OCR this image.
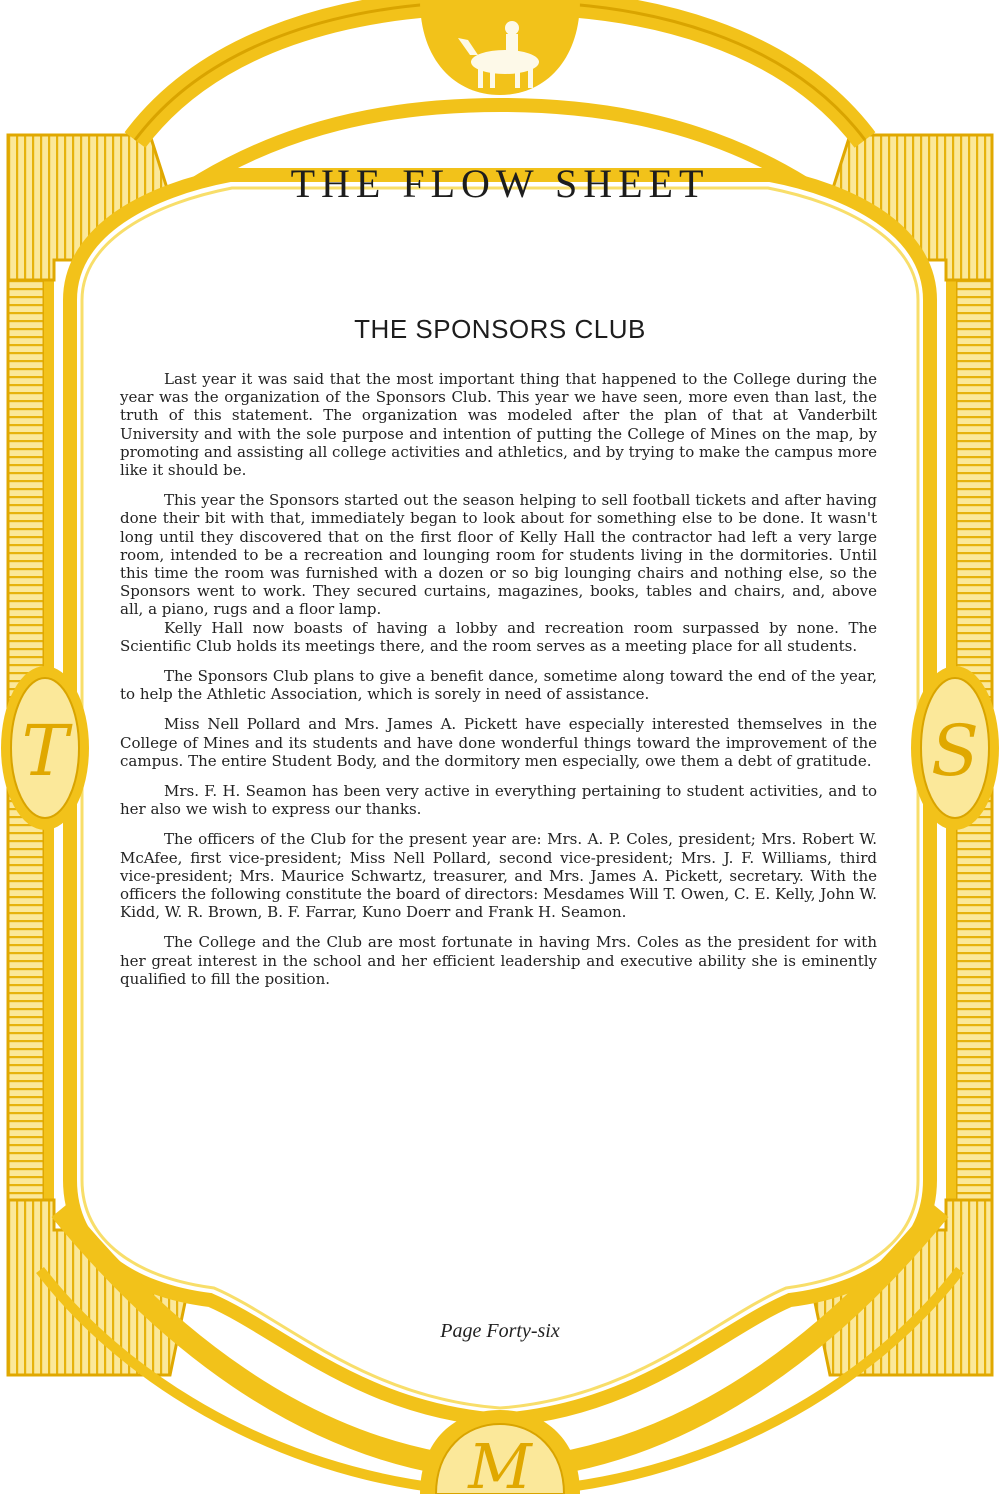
T	S
M
THE FLOW SHEET
THE SPONSORS CLUB

Last year it was said that the most important thing that happened to the College during the year was the organization of the Sponsors Club. This year we have seen, more even than last, the truth of this statement. The organization was modeled after the plan of that at Vanderbilt University and with the sole purpose and intention of putting the College of Mines on the map, by promoting and assisting all college activities and athletics, and by trying to make the campus more like it should be.

This year the Sponsors started out the season helping to sell football tickets and after having done their bit with that, immediately began to look about for something else to be done. It wasn't long until they discovered that on the first floor of Kelly Hall the contractor had left a very large room, intended to be a recreation and lounging room for students living in the dormitories. Until this time the room was furnished with a dozen or so big lounging chairs and nothing else, so the Sponsors went to work. They secured curtains, magazines, books, tables and chairs, and, above all, a piano, rugs and a floor lamp.

Kelly Hall now boasts of having a lobby and recreation room surpassed by none. The Scientific Club holds its meetings there, and the room serves as a meeting place for all students.

The Sponsors Club plans to give a benefit dance, sometime along toward the end of the year, to help the Athletic Association, which is sorely in need of assistance.

Miss Nell Pollard and Mrs. James A. Pickett have especially interested themselves in the College of Mines and its students and have done wonderful things toward the improvement of the campus. The entire Student Body, and the dormitory men especially, owe them a debt of gratitude.

Mrs. F. H. Seamon has been very active in everything pertaining to student activities, and to her also we wish to express our thanks.

The officers of the Club for the present year are: Mrs. A. P. Coles, president; Mrs. Robert W. McAfee, first vice-president; Miss Nell Pollard, second vice-president; Mrs. J. F. Williams, third vice-president; Mrs. Maurice Schwartz, treasurer, and Mrs. James A. Pickett, secretary. With the officers the following constitute the board of directors: Mesdames Will T. Owen, C. E. Kelly, John W. Kidd, W. R. Brown, B. F. Farrar, Kuno Doerr and Frank H. Seamon.

The College and the Club are most fortunate in having Mrs. Coles as the president for with her great interest in the school and her efficient leadership and executive ability she is eminently qualified to fill the position.

Page Forty-six
